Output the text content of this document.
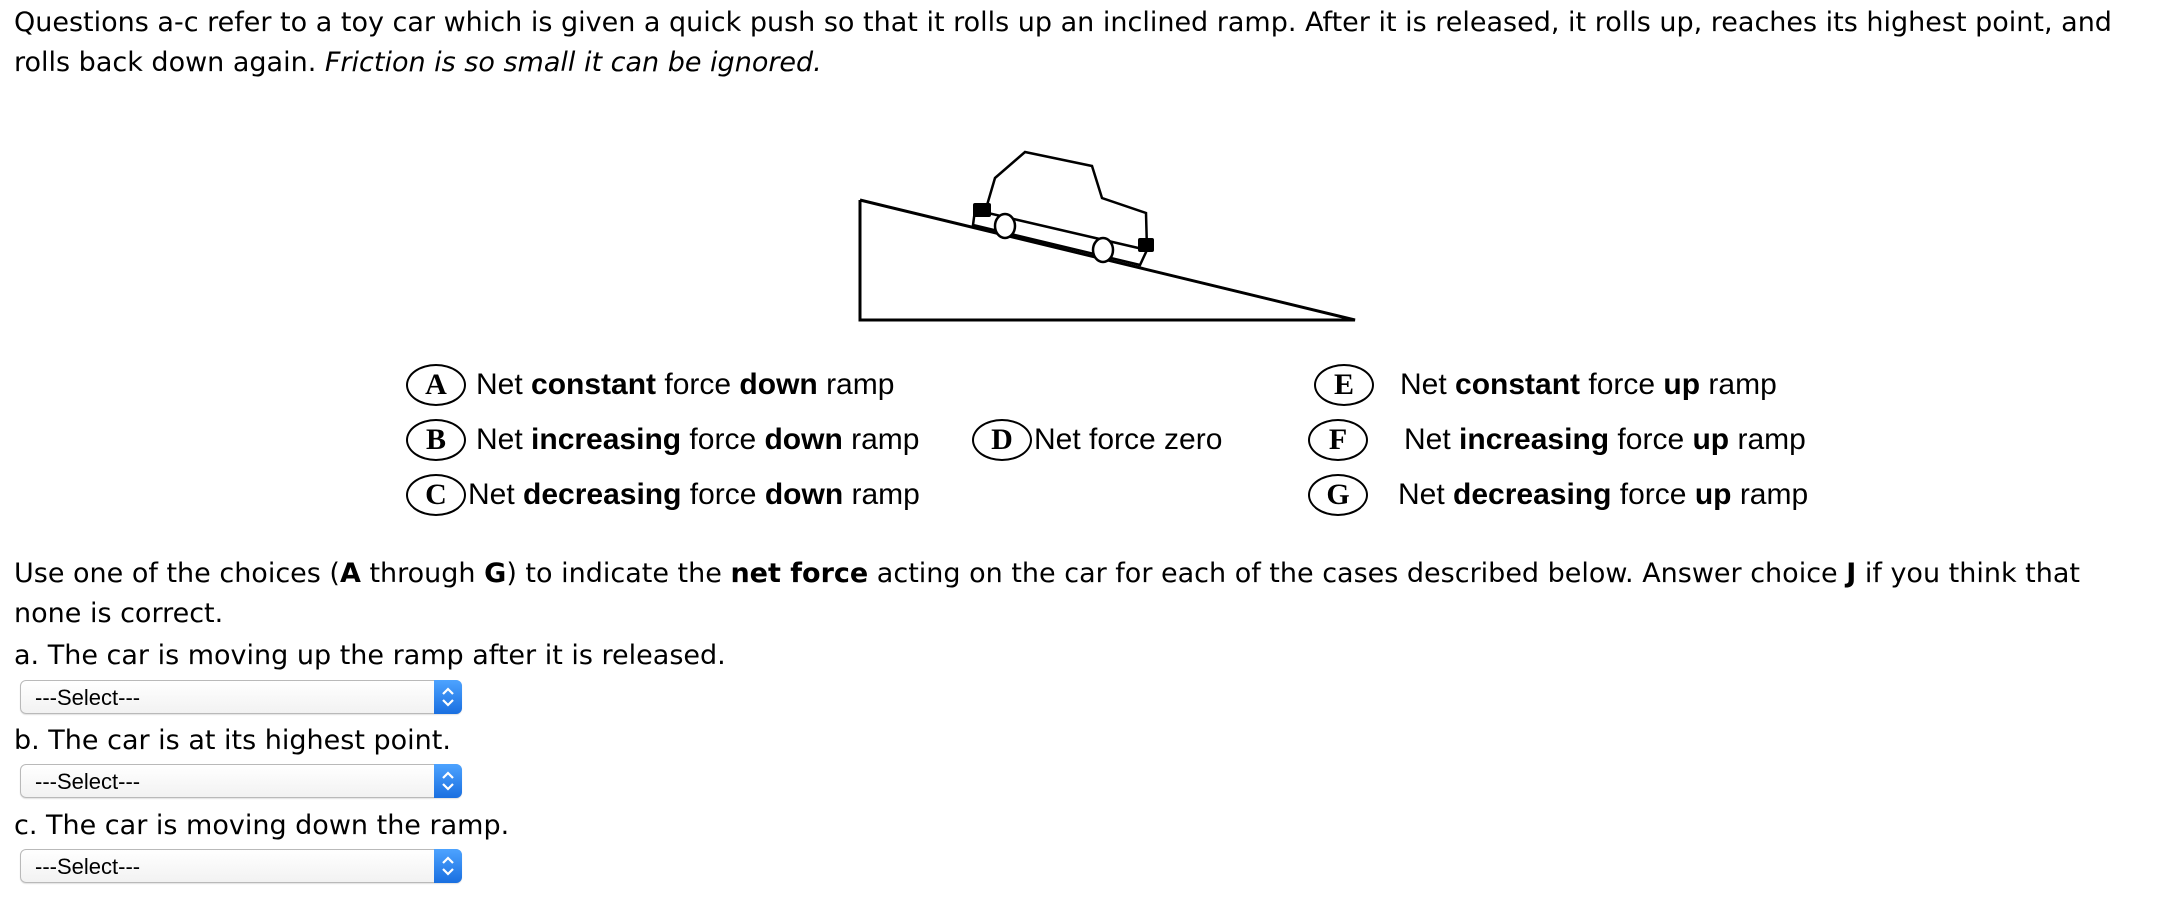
Questions a-c refer to a toy car which is given a quick push so that it rolls up an inclined ramp. After it is released, it rolls up, reaches its highest point, and rolls back down again. Friction is so small it can be ignored.

A Net constant force down ramp
B	Net increasing force down ramp
C Net decreasing force down ramp
D Net force zero
E	Net constant force up ramp
F	Net increasing force up ramp
G	Net decreasing force up ramp

Use one of the choices (A through G) to indicate the net force acting on the car for each of the cases described below. Answer choice J if you think that none is correct.

a. The car is moving up the ramp after it is released.
---Select---
b. The car is at its highest point.
---Select---
c. The car is moving down the ramp.
---Select---
